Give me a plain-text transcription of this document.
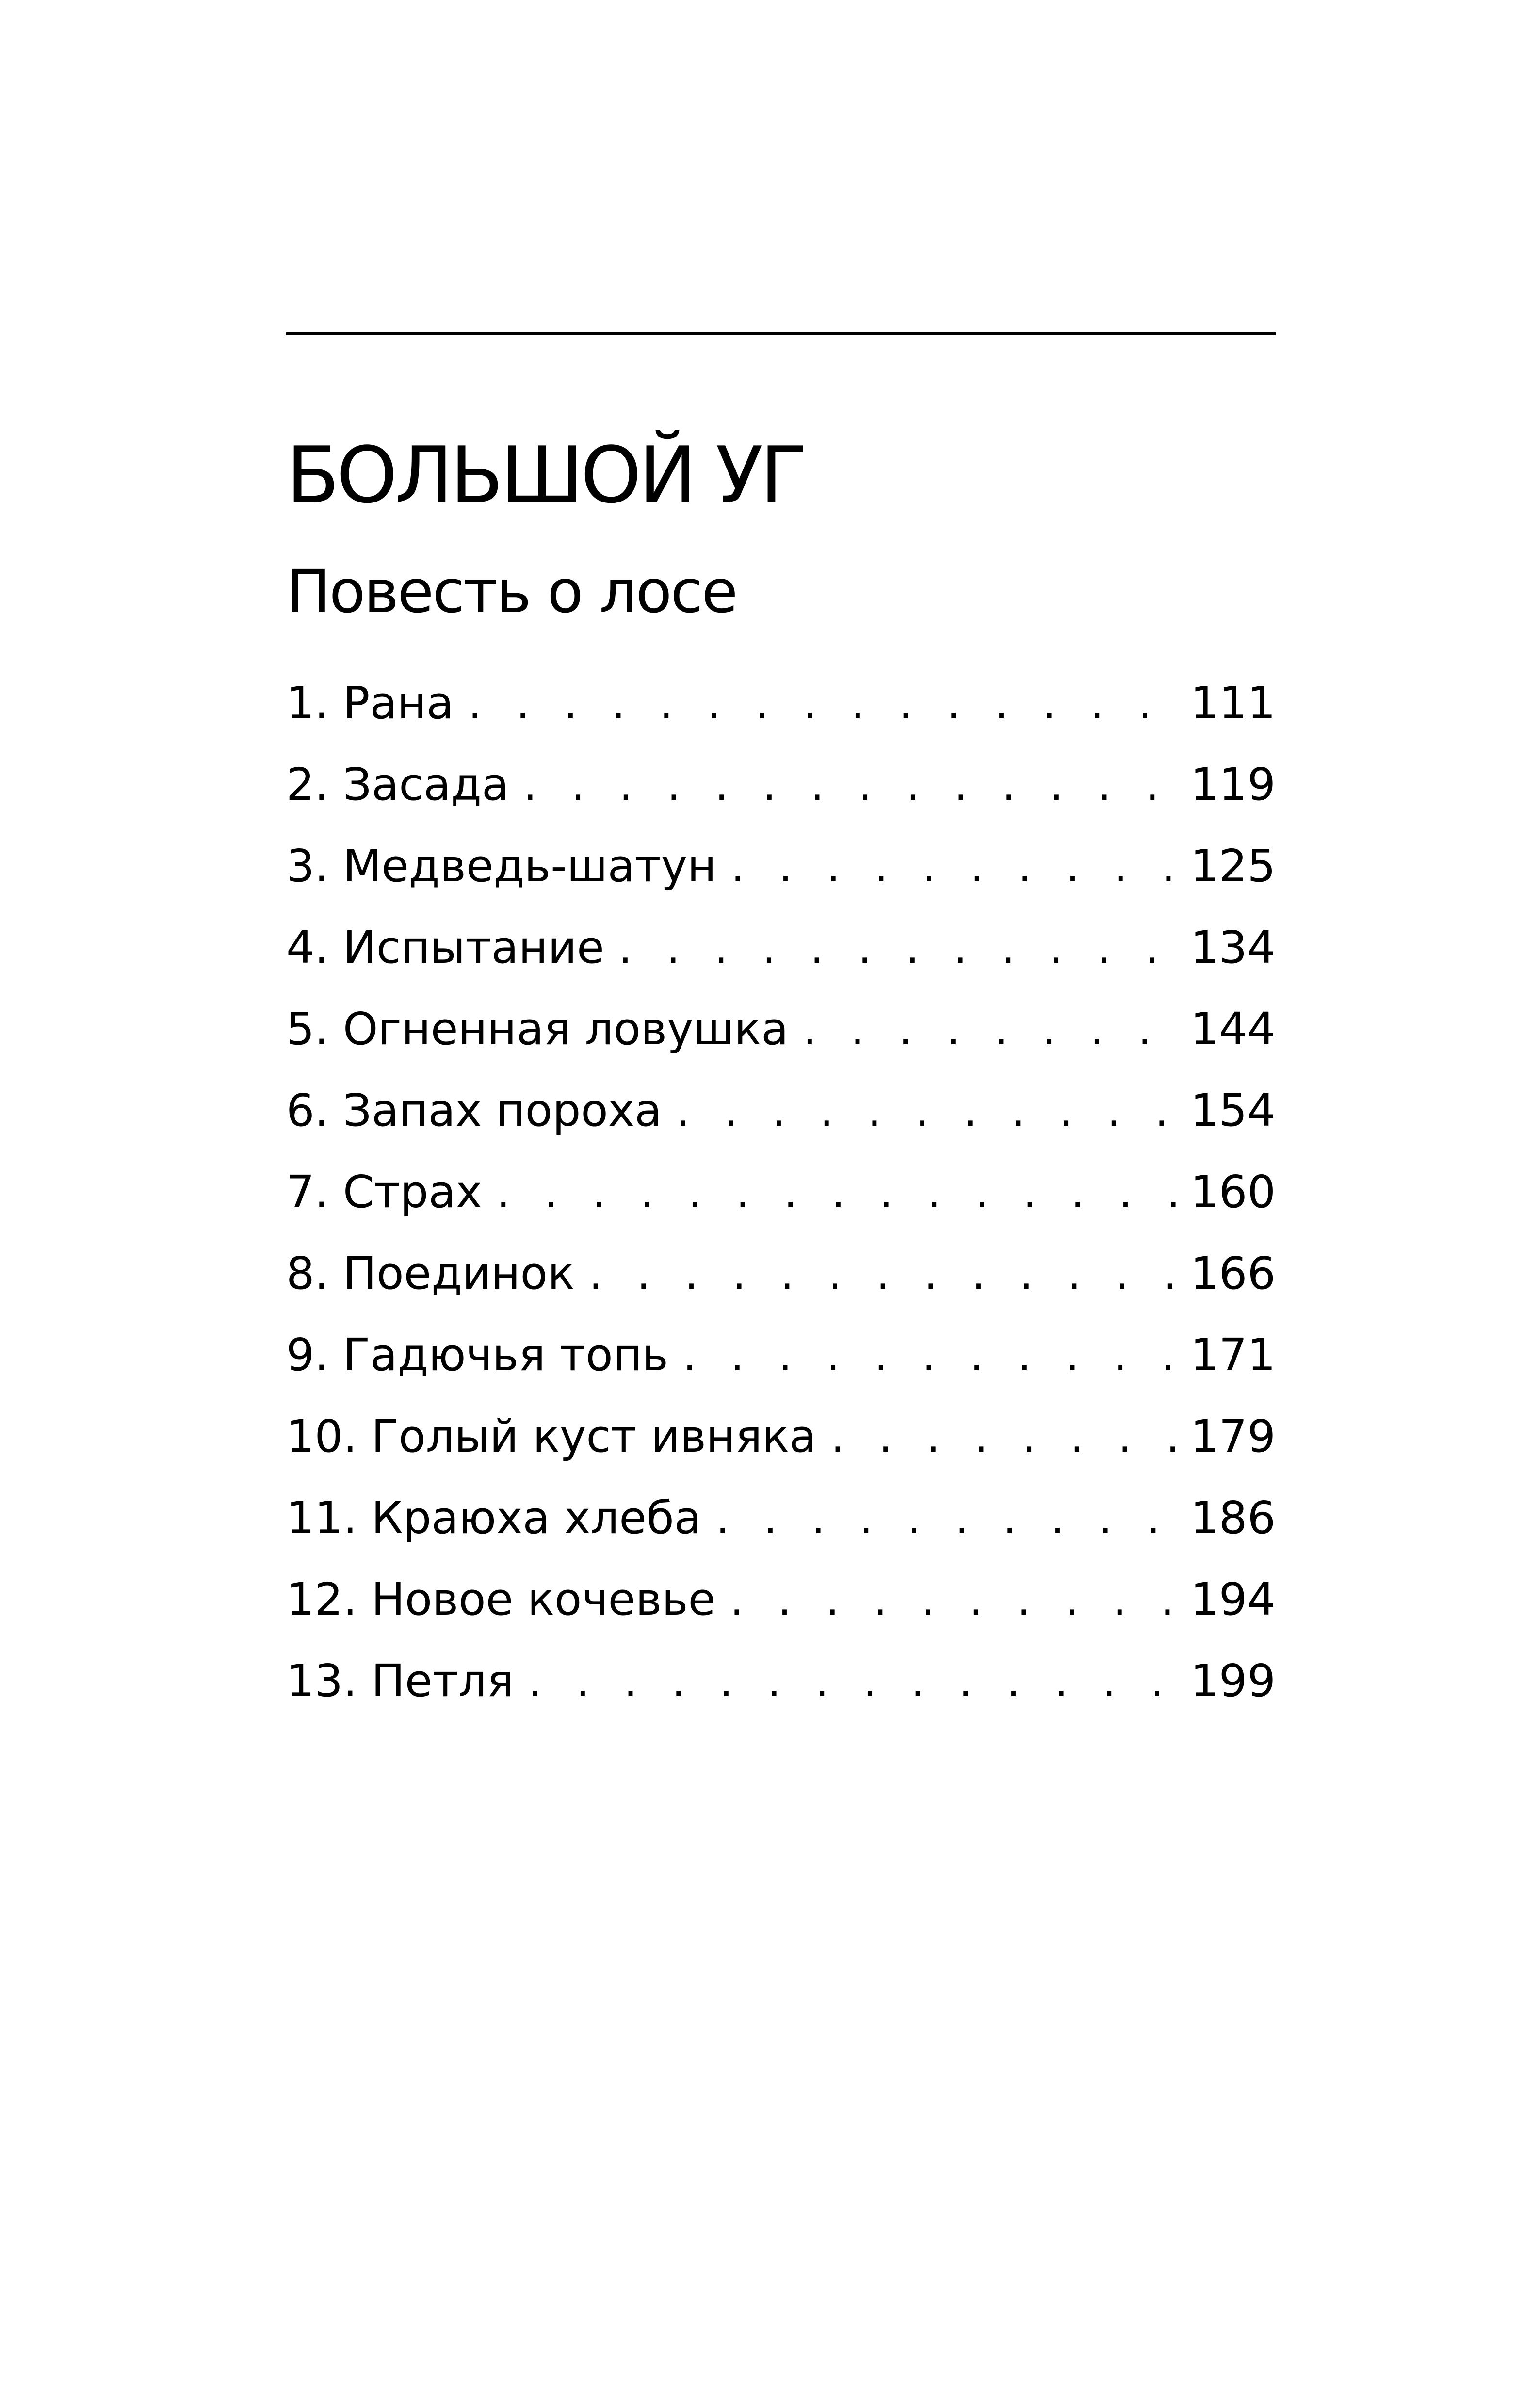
БОЛЬШОЙ УГ
Повесть о лосе
1. Рана . . .	111
2. Засада . . .	119
3. Медведь-шатун . . .	125
4. Испытание . . .	134
5. Огненная ловушка . . .	144
6. Запах пороха . . .	154
7. Страх . . .	160
8. Поединок . . .	166
9. Гадючья топь . . .	171
10. Голый куст ивняка . . .	179
11. Краюха хлеба . . .	186
12. Новое кочевье . . .	194
13. Петля . . .	199
